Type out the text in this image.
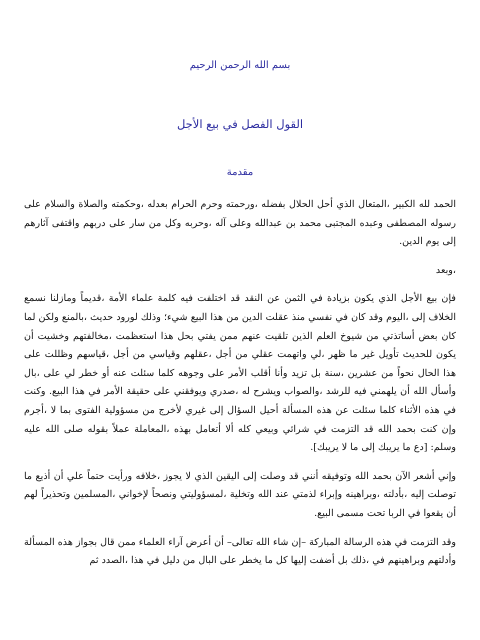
بسم الله الرحمن الرحيم
القول الفصل في بيع الأجل
مقدمة

الحمد لله الكبير ،المتعال الذي أحل الحلال بفضله ،ورحمته وحرم الحرام بعدله ،وحكمته والصلاة والسلام على رسوله المصطفى وعبده المجتبى محمد بن عبدالله وعلى آله ،وحربه وكل من سار على دربهم واقتفى آثارهم إلى يوم الدين.

،وبعد

فإن بيع الأجل الذي يكون بزيادة في الثمن عن النقد قد اختلفت فيه كلمة علماء الأمة ،قديماً ومازلنا نسمع الخلاف إلى ،اليوم وقد كان في نفسي منذ عقلت الدين من هذا البيع شيء؛ وذلك لورود حديث ،بالمنع ولكن لما كان بعض أساتذتي من شيوخ العلم الذين تلقيت عنهم ممن يفتي بحل هذا استعظمت ،مخالفتهم وخشيت أن يكون للحديث تأويل غير ما ظهر ،لي واتهمت عقلي من أجل ،عقلهم وقياسي من أجل ،قياسهم وظللت على هذا الحال نحواً من عشرين ،سنة بل تزيد وأنا أقلب الأمر على وجوهه كلما سئلت عنه أو خطر لي على ،بال وأسأل الله أن يلهمني فيه للرشد ،والصواب ويشرح له ،صدري ويوفقني على حقيقة الأمر في هذا البيع. وكنت في هذه الأثناء كلما سئلت عن هذه المسألة أحيل السؤال إلى غيري لأخرج من مسؤولية الفتوى بما لا ،أجرم وإن كنت بحمد الله قد التزمت في شرائي وبيعي كله ألا أتعامل بهذه ،المعاملة عملاً بقوله صلى الله عليه وسلم: [دع ما يريبك إلى ما لا يريبك].

وإني أشعر الآن بحمد الله وتوفيقه أنني قد وصلت إلى اليقين الذي لا يجوز ،خلافه ورأيت حتماً علي أن أذيع ما توصلت إليه ،بأدلته ،وبراهينه وإبراء لذمتي عند الله وتخلية ،لمسؤوليتي ونصحاً لإخواني ،المسلمين وتحذيراً لهم أن يقعوا في الربا تحت مسمى البيع.

وقد التزمت في هذه الرسالة المباركة –إن شاء الله تعالى– أن أعرض آراء العلماء ممن قال بجواز هذه المسألة وأدلتهم وبراهينهم في ،ذلك بل أضفت إليها كل ما يخطر على البال من دليل في هذا ،الصدد ثم
